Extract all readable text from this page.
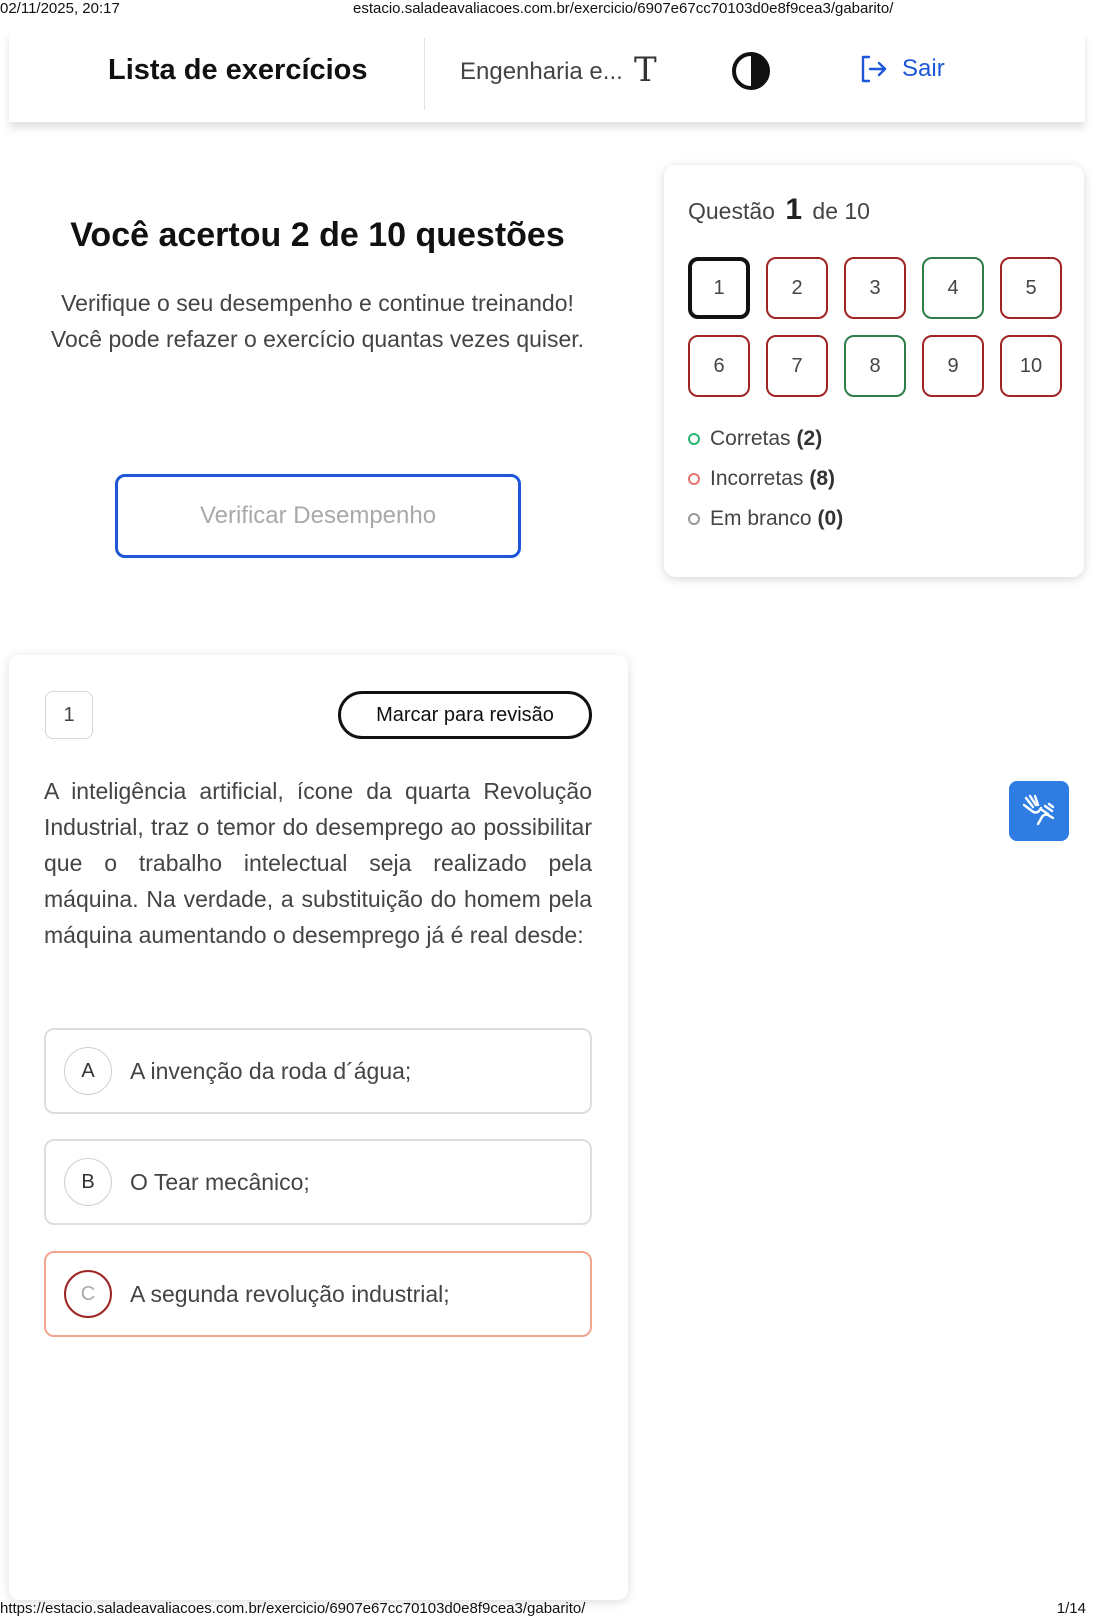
02/11/2025, 20:17	estacio.saladeavaliacoes.com.br/exercicio/6907e67cc70103d0e8f9cea3/gabarito/
Lista de exercícios	Engenharia e... T	Sair
Você acertou 2 de 10 questões

Verifique o seu desempenho e continue treinando! Você pode refazer o exercício quantas vezes quiser.

Verificar Desempenho
Questão 1 de 10
1	2	3	4	5
6	7	8	9	10
Corretas (2)
Incorretas (8)
Em branco (0)
1	Marcar para revisão
A inteligência artificial, ícone da quarta Revolução Industrial, traz o temor do desemprego ao possibilitar que o trabalho intelectual seja realizado pela máquina. Na verdade, a substituição do homem pela máquina aumentando o desemprego já é real desde:
A	A invenção da roda d´água;
B	O Tear mecânico;
C	A segunda revolução industrial;
https://estacio.saladeavaliacoes.com.br/exercicio/6907e67cc70103d0e8f9cea3/gabarito/	1/14
